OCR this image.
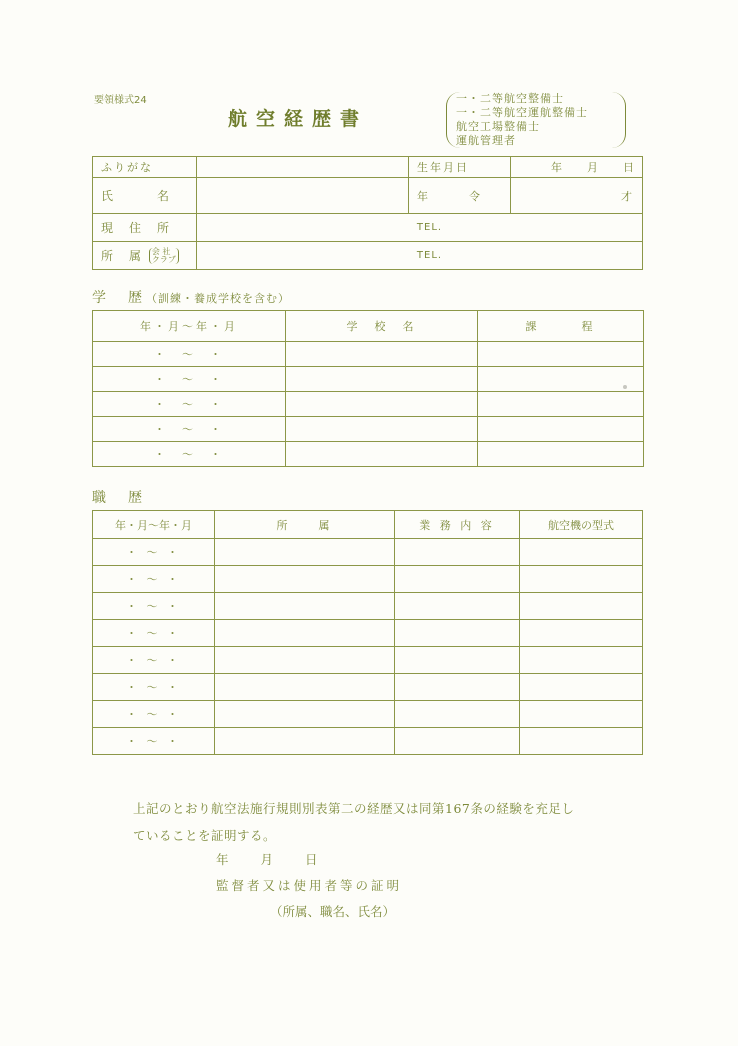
要領様式24
航空経歴書
一・二等航空整備士
一・二等航空運航整備士
航空工場整備士
運航管理者
ふりがな		生年月日	年 月 日

氏　　　名		年　　　令	才
現　住　所	TEL.		
所　属 会 社
クラブ	TEL.		
学　歴（訓練・養成学校を含む）
年・月～年・月	学　校　名	課　　　程
・　～　・		
・　～　・		
・　～　・		
・　～　・		
・　～　・		
職　歴
年・月～年・月	所　　属	業 務 内 容	航空機の型式
・ ～ ・			
・ ～ ・			
・ ～ ・			
・ ～ ・			
・ ～ ・			
・ ～ ・			
・ ～ ・			
・ ～ ・			
上記のとおり航空法施行規則別表第二の経歴又は同第167条の経験を充足し
ていることを証明する。
年 月 日
監督者又は使用者等の証明
（所属、職名、氏名）
